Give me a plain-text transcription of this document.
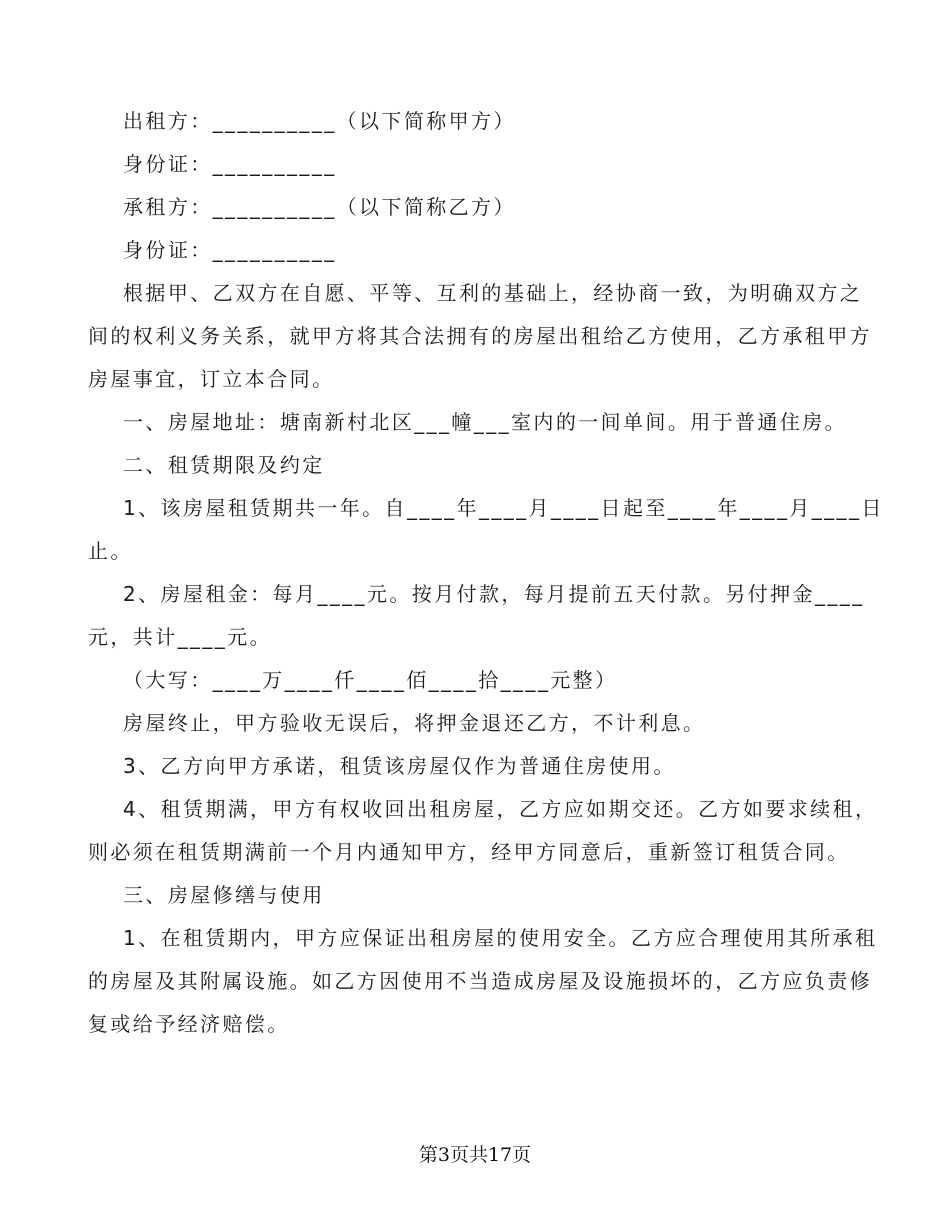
出租方：__________（以下简称甲方）
身份证：__________
承租方：__________（以下简称乙方）
身份证：__________
根据甲、乙双方在自愿、平等、互利的基础上，经协商一致，为明确双方之
间的权利义务关系，就甲方将其合法拥有的房屋出租给乙方使用，乙方承租甲方
房屋事宜，订立本合同。
一、房屋地址：塘南新村北区___幢___室内的一间单间。用于普通住房。
二、租赁期限及约定
1、该房屋租赁期共一年。自____年____月____日起至____年____月____日
止。
2、房屋租金：每月____元。按月付款，每月提前五天付款。另付押金____
元，共计____元。
（大写：____万____仟____佰____拾____元整）
房屋终止，甲方验收无误后，将押金退还乙方，不计利息。
3、乙方向甲方承诺，租赁该房屋仅作为普通住房使用。
4、租赁期满，甲方有权收回出租房屋，乙方应如期交还。乙方如要求续租，
则必须在租赁期满前一个月内通知甲方，经甲方同意后，重新签订租赁合同。
三、房屋修缮与使用
1、在租赁期内，甲方应保证出租房屋的使用安全。乙方应合理使用其所承租
的房屋及其附属设施。如乙方因使用不当造成房屋及设施损坏的，乙方应负责修
复或给予经济赔偿。
第3页共17页
